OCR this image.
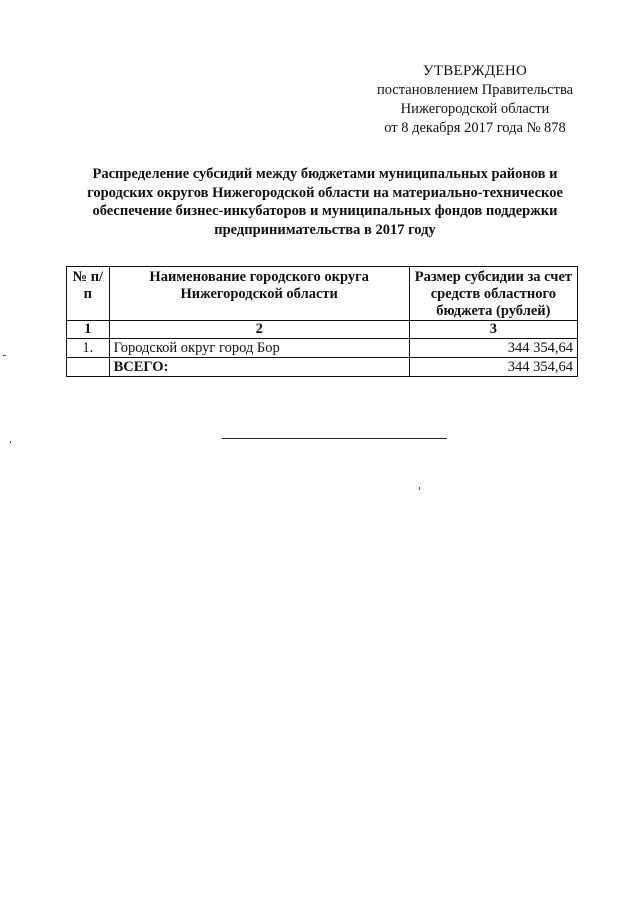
УТВЕРЖДЕНО
постановлением Правительства
Нижегородской области
от 8 декабря 2017 года № 878
Распределение субсидий между бюджетами муниципальных районов и городских округов Нижегородской области на материально-техническое обеспечение бизнес-инкубаторов и муниципальных фондов поддержки предпринимательства в 2017 году
№ п/п	Наименование городского округа Нижегородской области	Размер субсидии за счет средств областного бюджета (рублей)
1	2	3
1.	Городской округ город Бор	344 354,64
	ВСЕГО:	344 354,64
